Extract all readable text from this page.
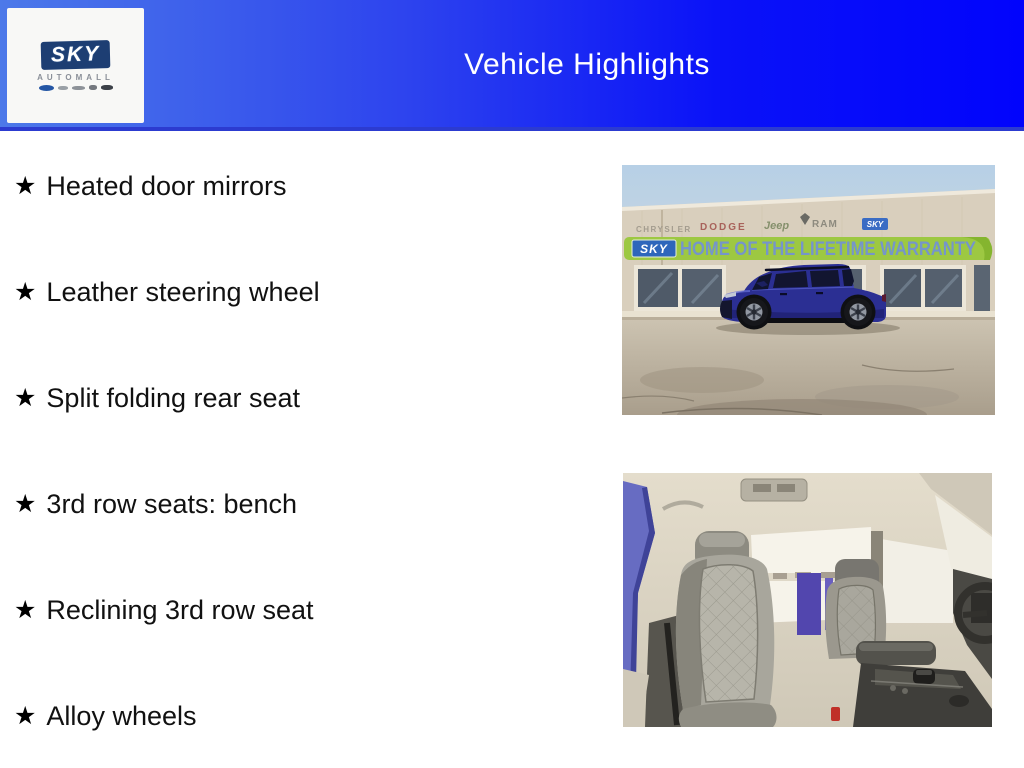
SKY
AUTOMALL	Vehicle Highlights
★ Heated door mirrors
★ Leather steering wheel
★ Split folding rear seat
★ 3rd row seats: bench
★ Reclining 3rd row seat
★ Alloy wheels
CHRYSLER DODGE Jeep RAM	SKY
SKY HOME OF THE LIFETIME WARRANTY
